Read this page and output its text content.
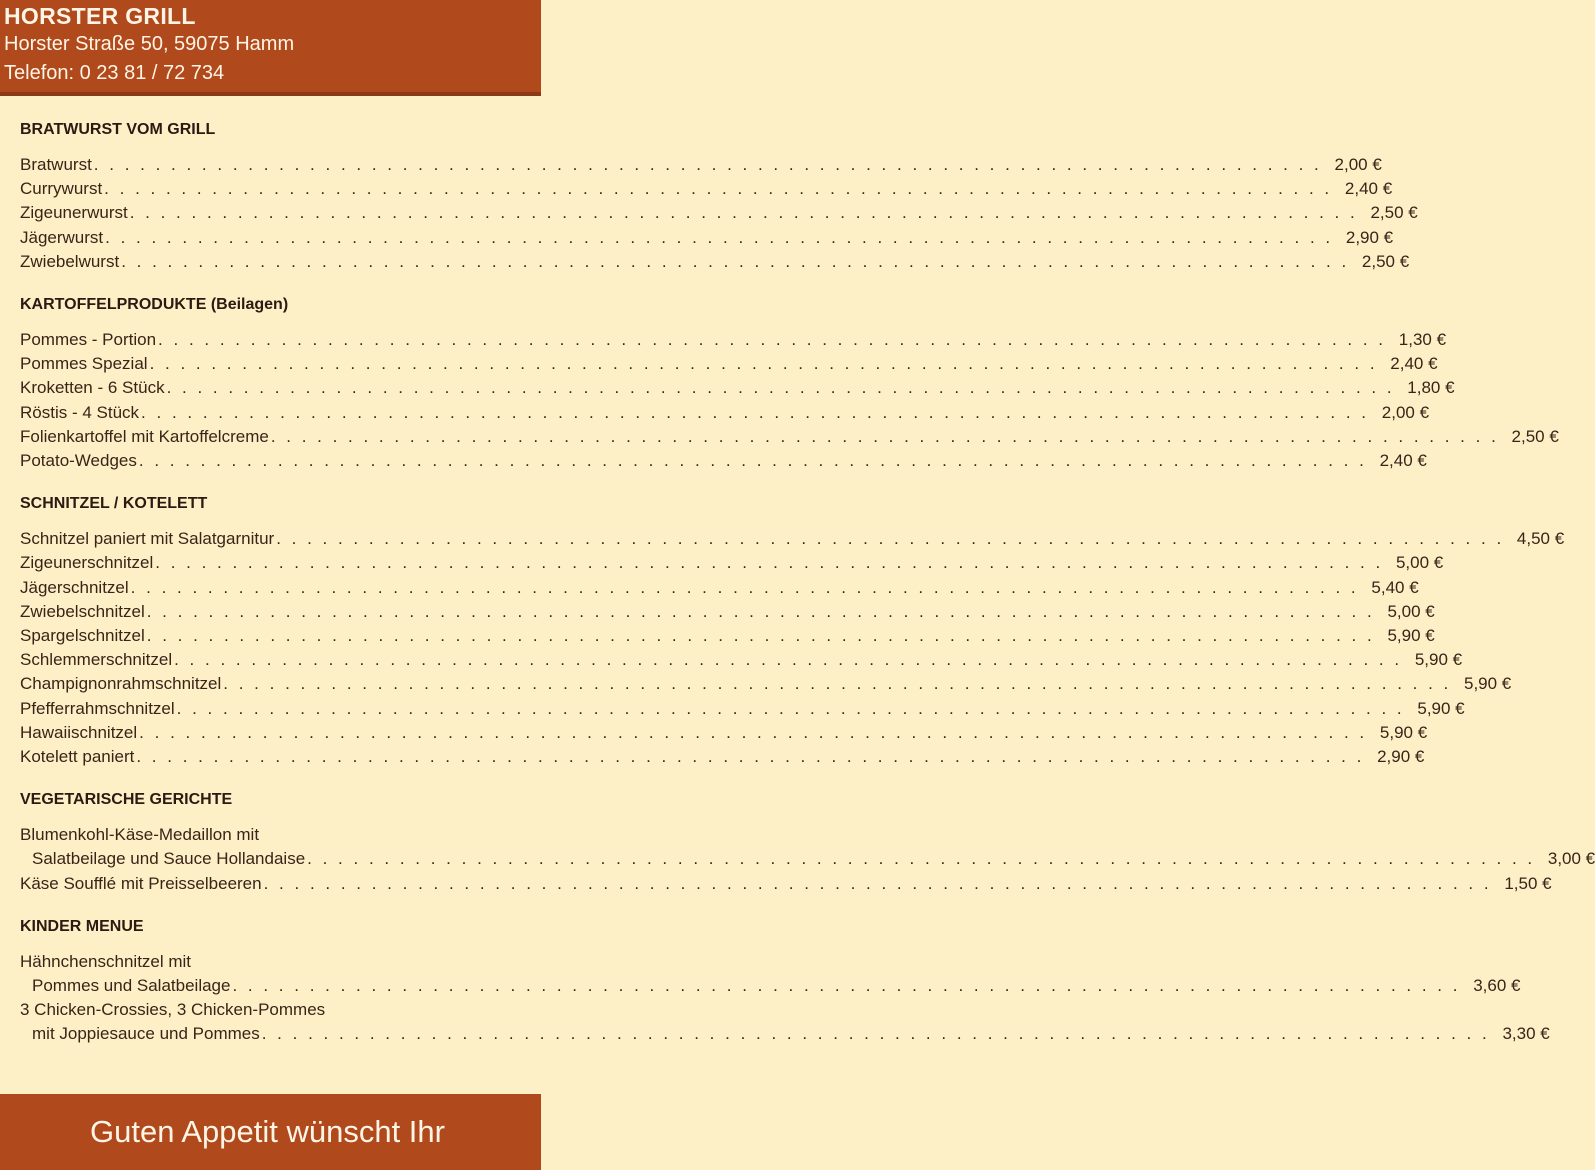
HORSTER GRILL
Horster Straße 50, 59075 Hamm
Telefon: 0 23 81 / 72 734
BRATWURST VOM GRILL
Bratwurst . . . . . . . . . . . . . . . . . . . . . . . . . . . . . . . . . . . . . . . . . . . . . . . . . . . . . . . . . . . . . . . . . . . . . . . . . . . . . . . . 2,00 €
Currywurst . . . . . . . . . . . . . . . . . . . . . . . . . . . . . . . . . . . . . . . . . . . . . . . . . . . . . . . . . . . . . . . . . . . . . . . . . . . . . . . . 2,40 €
Zigeunerwurst . . . . . . . . . . . . . . . . . . . . . . . . . . . . . . . . . . . . . . . . . . . . . . . . . . . . . . . . . . . . . . . . . . . . . . . . . . . . . . . . 2,50 €
Jägerwurst . . . . . . . . . . . . . . . . . . . . . . . . . . . . . . . . . . . . . . . . . . . . . . . . . . . . . . . . . . . . . . . . . . . . . . . . . . . . . . . . 2,90 €
Zwiebelwurst . . . . . . . . . . . . . . . . . . . . . . . . . . . . . . . . . . . . . . . . . . . . . . . . . . . . . . . . . . . . . . . . . . . . . . . . . . . . . . . . 2,50 €
KARTOFFELPRODUKTE (Beilagen)
Pommes - Portion . . . . . . . . . . . . . . . . . . . . . . . . . . . . . . . . . . . . . . . . . . . . . . . . . . . . . . . . . . . . . . . . . . . . . . . . . . . . . . . . 1,30 €
Pommes Spezial . . . . . . . . . . . . . . . . . . . . . . . . . . . . . . . . . . . . . . . . . . . . . . . . . . . . . . . . . . . . . . . . . . . . . . . . . . . . . . . . 2,40 €
Kroketten - 6 Stück . . . . . . . . . . . . . . . . . . . . . . . . . . . . . . . . . . . . . . . . . . . . . . . . . . . . . . . . . . . . . . . . . . . . . . . . . . . . . . . . 1,80 €
Röstis - 4 Stück . . . . . . . . . . . . . . . . . . . . . . . . . . . . . . . . . . . . . . . . . . . . . . . . . . . . . . . . . . . . . . . . . . . . . . . . . . . . . . . . 2,00 €
Folienkartoffel mit Kartoffelcreme . . . . . . . . . . . . . . . . . . . . . . . . . . . . . . . . . . . . . . . . . . . . . . . . . . . . . . . . . . . . . . . . . . . . . . . . . . . . . . . . 2,50 €
Potato-Wedges . . . . . . . . . . . . . . . . . . . . . . . . . . . . . . . . . . . . . . . . . . . . . . . . . . . . . . . . . . . . . . . . . . . . . . . . . . . . . . . . 2,40 €
SCHNITZEL / KOTELETT
Schnitzel paniert mit Salatgarnitur . . . . . . . . . . . . . . . . . . . . . . . . . . . . . . . . . . . . . . . . . . . . . . . . . . . . . . . . . . . . . . . . . . . . . . . . . . . . . . . . 4,50 €
Zigeunerschnitzel . . . . . . . . . . . . . . . . . . . . . . . . . . . . . . . . . . . . . . . . . . . . . . . . . . . . . . . . . . . . . . . . . . . . . . . . . . . . . . . . 5,00 €
Jägerschnitzel . . . . . . . . . . . . . . . . . . . . . . . . . . . . . . . . . . . . . . . . . . . . . . . . . . . . . . . . . . . . . . . . . . . . . . . . . . . . . . . . 5,40 €
Zwiebelschnitzel . . . . . . . . . . . . . . . . . . . . . . . . . . . . . . . . . . . . . . . . . . . . . . . . . . . . . . . . . . . . . . . . . . . . . . . . . . . . . . . . 5,00 €
Spargelschnitzel . . . . . . . . . . . . . . . . . . . . . . . . . . . . . . . . . . . . . . . . . . . . . . . . . . . . . . . . . . . . . . . . . . . . . . . . . . . . . . . . 5,90 €
Schlemmerschnitzel . . . . . . . . . . . . . . . . . . . . . . . . . . . . . . . . . . . . . . . . . . . . . . . . . . . . . . . . . . . . . . . . . . . . . . . . . . . . . . . . 5,90 €
Champignonrahmschnitzel . . . . . . . . . . . . . . . . . . . . . . . . . . . . . . . . . . . . . . . . . . . . . . . . . . . . . . . . . . . . . . . . . . . . . . . . . . . . . . . . 5,90 €
Pfefferrahmschnitzel . . . . . . . . . . . . . . . . . . . . . . . . . . . . . . . . . . . . . . . . . . . . . . . . . . . . . . . . . . . . . . . . . . . . . . . . . . . . . . . . 5,90 €
Hawaiischnitzel . . . . . . . . . . . . . . . . . . . . . . . . . . . . . . . . . . . . . . . . . . . . . . . . . . . . . . . . . . . . . . . . . . . . . . . . . . . . . . . . 5,90 €
Kotelett paniert . . . . . . . . . . . . . . . . . . . . . . . . . . . . . . . . . . . . . . . . . . . . . . . . . . . . . . . . . . . . . . . . . . . . . . . . . . . . . . . . 2,90 €
VEGETARISCHE GERICHTE
Blumenkohl-Käse-Medaillon mit
Salatbeilage und Sauce Hollandaise . . . . . . . . . . . . . . . . . . . . . . . . . . . . . . . . . . . . . . . . . . . . . . . . . . . . . . . . . . . . . . . . . . . . . . . . . . . . . . . . 3,00 €
Käse Soufflé mit Preisselbeeren . . . . . . . . . . . . . . . . . . . . . . . . . . . . . . . . . . . . . . . . . . . . . . . . . . . . . . . . . . . . . . . . . . . . . . . . . . . . . . . . 1,50 €
KINDER MENUE
Hähnchenschnitzel mit
Pommes und Salatbeilage . . . . . . . . . . . . . . . . . . . . . . . . . . . . . . . . . . . . . . . . . . . . . . . . . . . . . . . . . . . . . . . . . . . . . . . . . . . . . . . . 3,60 €
3 Chicken-Crossies, 3 Chicken-Pommes
mit Joppiesauce und Pommes . . . . . . . . . . . . . . . . . . . . . . . . . . . . . . . . . . . . . . . . . . . . . . . . . . . . . . . . . . . . . . . . . . . . . . . . . . . . . . . . 3,30 €
Guten Appetit wünscht Ihr
